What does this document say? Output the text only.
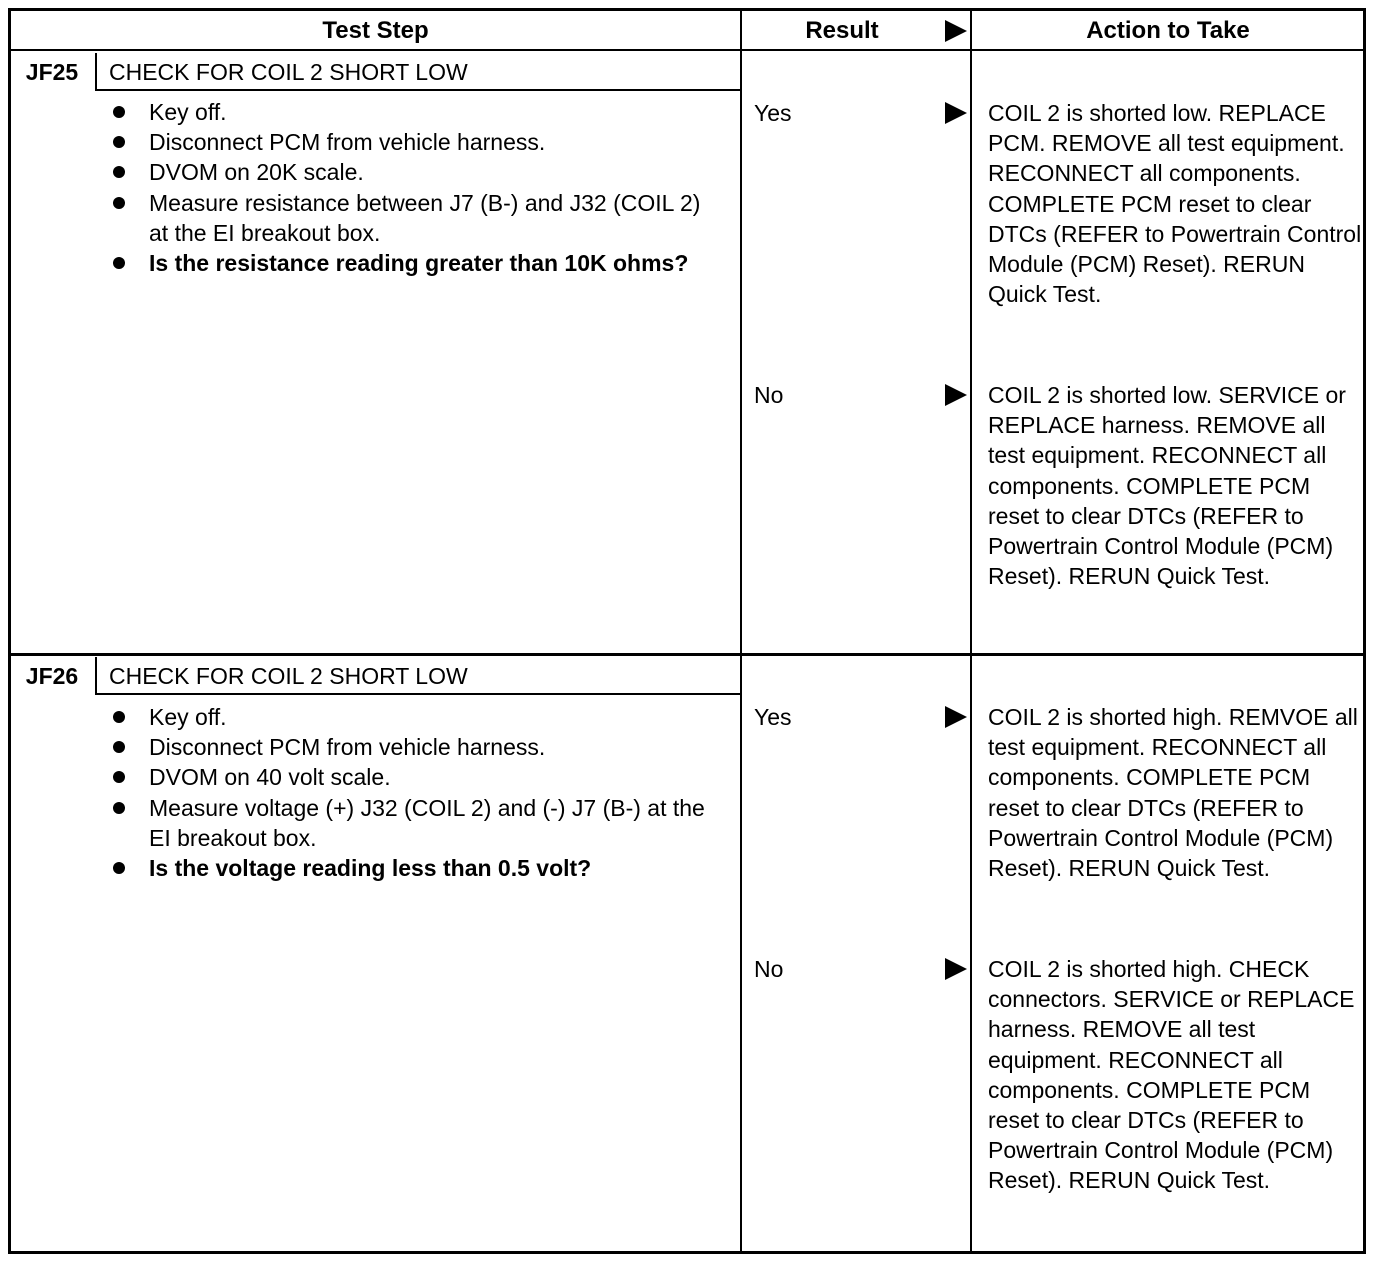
Test Step	Result	Action to Take
JF25	CHECK FOR COIL 2 SHORT LOW
Key off.
Disconnect PCM from vehicle harness.
DVOM on 20K scale.
Measure resistance between J7 (B-) and J32 (COIL 2) at the EI breakout box.
Is the resistance reading greater than 10K ohms?
Yes	COIL 2 is shorted low. REPLACE PCM. REMOVE all test equipment. RECONNECT all components. COMPLETE PCM reset to clear DTCs (REFER to Powertrain Control Module (PCM) Reset). RERUN Quick Test.
No	COIL 2 is shorted low. SERVICE or REPLACE harness. REMOVE all test equipment. RECONNECT all components. COMPLETE PCM reset to clear DTCs (REFER to Powertrain Control Module (PCM) Reset). RERUN Quick Test.
JF26	CHECK FOR COIL 2 SHORT LOW
Key off.
Disconnect PCM from vehicle harness.
DVOM on 40 volt scale.
Measure voltage (+) J32 (COIL 2) and (-) J7 (B-) at the EI breakout box.
Is the voltage reading less than 0.5 volt?
Yes	COIL 2 is shorted high. REMVOE all test equipment. RECONNECT all components. COMPLETE PCM reset to clear DTCs (REFER to Powertrain Control Module (PCM) Reset). RERUN Quick Test.
No	COIL 2 is shorted high. CHECK connectors. SERVICE or REPLACE harness. REMOVE all test equipment. RECONNECT all components. COMPLETE PCM reset to clear DTCs (REFER to Powertrain Control Module (PCM) Reset). RERUN Quick Test.
